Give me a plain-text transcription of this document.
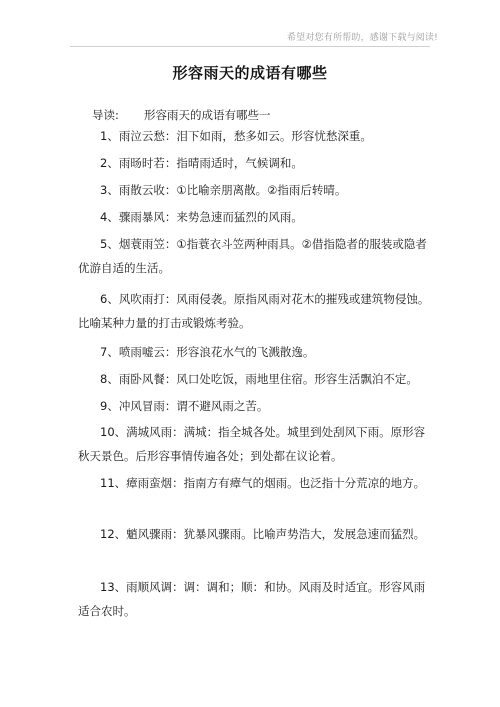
希望对您有所帮助，感谢下载与阅读!
形容雨天的成语有哪些
导读: 形容雨天的成语有哪些一
1、雨泣云愁：泪下如雨，愁多如云。形容忧愁深重。
2、雨旸时若：指晴雨适时，气候调和。
3、雨散云收：①比喻亲朋离散。②指雨后转晴。
4、骤雨暴风：来势急速而猛烈的风雨。
5、烟蓑雨笠：①指蓑衣斗笠两种雨具。②借指隐者的服装或隐者优游自适的生活。
6、风吹雨打：风雨侵袭。原指风雨对花木的摧残或建筑物侵蚀。比喻某种力量的打击或锻炼考验。
7、喷雨嘘云：形容浪花水气的飞溅散逸。
8、雨卧风餐：风口处吃饭，雨地里住宿。形容生活飘泊不定。
9、冲风冒雨：谓不避风雨之苦。
10、满城风雨：满城：指全城各处。城里到处刮风下雨。原形容秋天景色。后形容事情传遍各处；到处都在议论着。
11、瘴雨蛮烟：指南方有瘴气的烟雨。也泛指十分荒凉的地方。
12、魈风骤雨：犹暴风骤雨。比喻声势浩大，发展急速而猛烈。
13、雨顺风调：调：调和；顺：和协。风雨及时适宜。形容风雨适合农时。
